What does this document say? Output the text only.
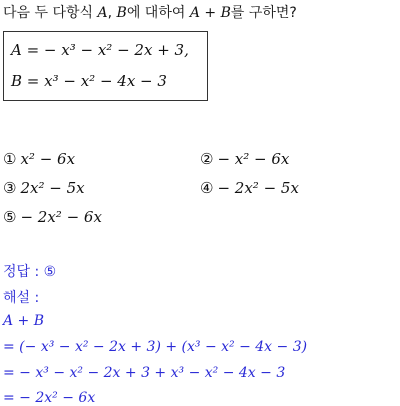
다음 두 다항식 A, B에 대하여 A + B를 구하면?
A = − x³ − x² − 2x + 3,
B = x³ − x² − 4x − 3
① x² − 6x	② − x² − 6x
③ 2x² − 5x	④ − 2x² − 5x
⑤ − 2x² − 6x
정답 : ⑤
해설 :
A + B
= (− x³ − x² − 2x + 3) + (x³ − x² − 4x − 3)
= − x³ − x² − 2x + 3 + x³ − x² − 4x − 3
= − 2x² − 6x
